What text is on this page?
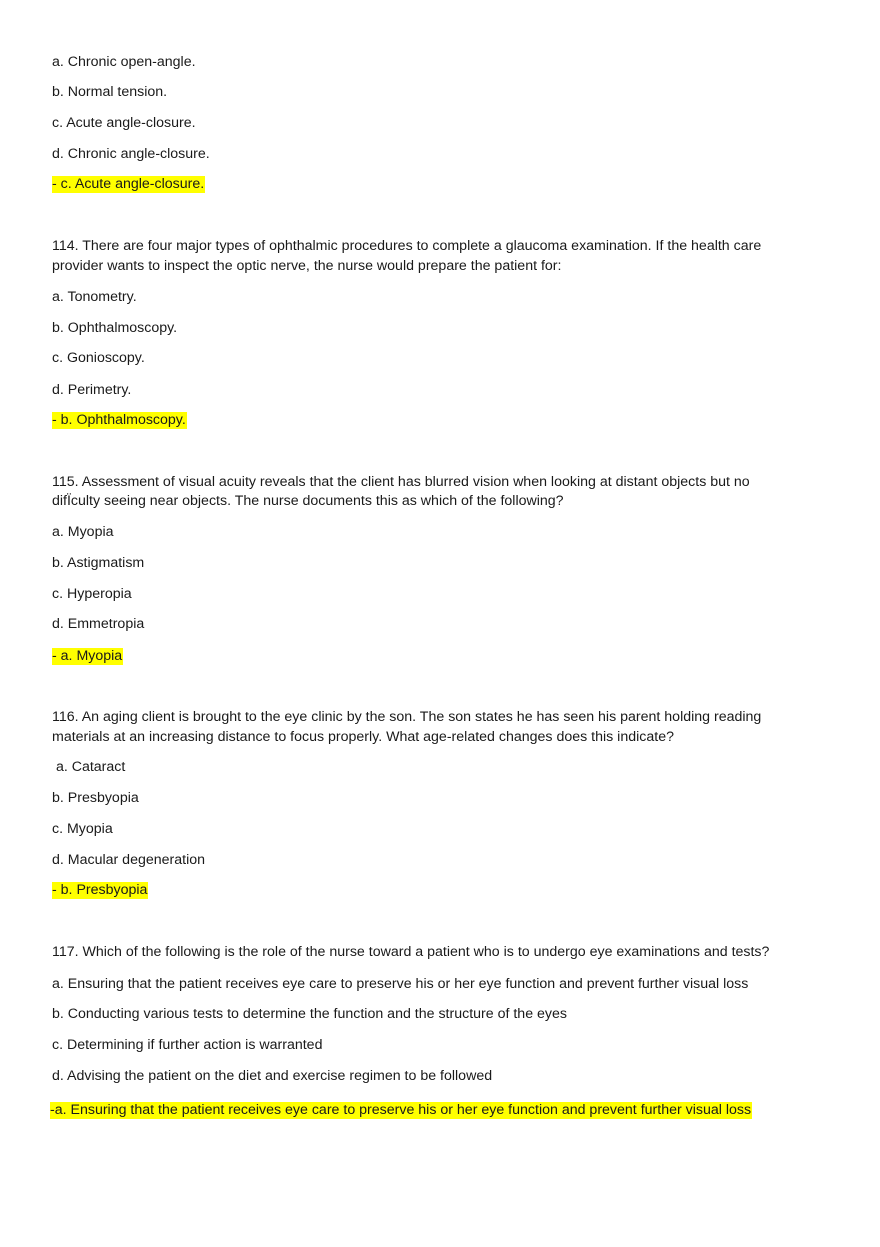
a. Chronic open-angle.
b. Normal tension.
c. Acute angle-closure.
d. Chronic angle-closure.
- c. Acute angle-closure.
114. There are four major types of ophthalmic procedures to complete a glaucoma examination. If the health care
provider wants to inspect the optic nerve, the nurse would prepare the patient for:
a. Tonometry.
b. Ophthalmoscopy.
c. Gonioscopy.
d. Perimetry.
- b. Ophthalmoscopy.
115. Assessment of visual acuity reveals that the client has blurred vision when looking at distant objects but no
difÏculty seeing near objects. The nurse documents this as which of the following?
a. Myopia
b. Astigmatism
c. Hyperopia
d. Emmetropia
- a. Myopia
116. An aging client is brought to the eye clinic by the son. The son states he has seen his parent holding reading
materials at an increasing distance to focus properly. What age-related changes does this indicate?
a. Cataract
b. Presbyopia
c. Myopia
d. Macular degeneration
- b. Presbyopia
117. Which of the following is the role of the nurse toward a patient who is to undergo eye examinations and tests?
a. Ensuring that the patient receives eye care to preserve his or her eye function and prevent further visual loss
b. Conducting various tests to determine the function and the structure of the eyes
c. Determining if further action is warranted
d. Advising the patient on the diet and exercise regimen to be followed
-a. Ensuring that the patient receives eye care to preserve his or her eye function and prevent further visual loss
